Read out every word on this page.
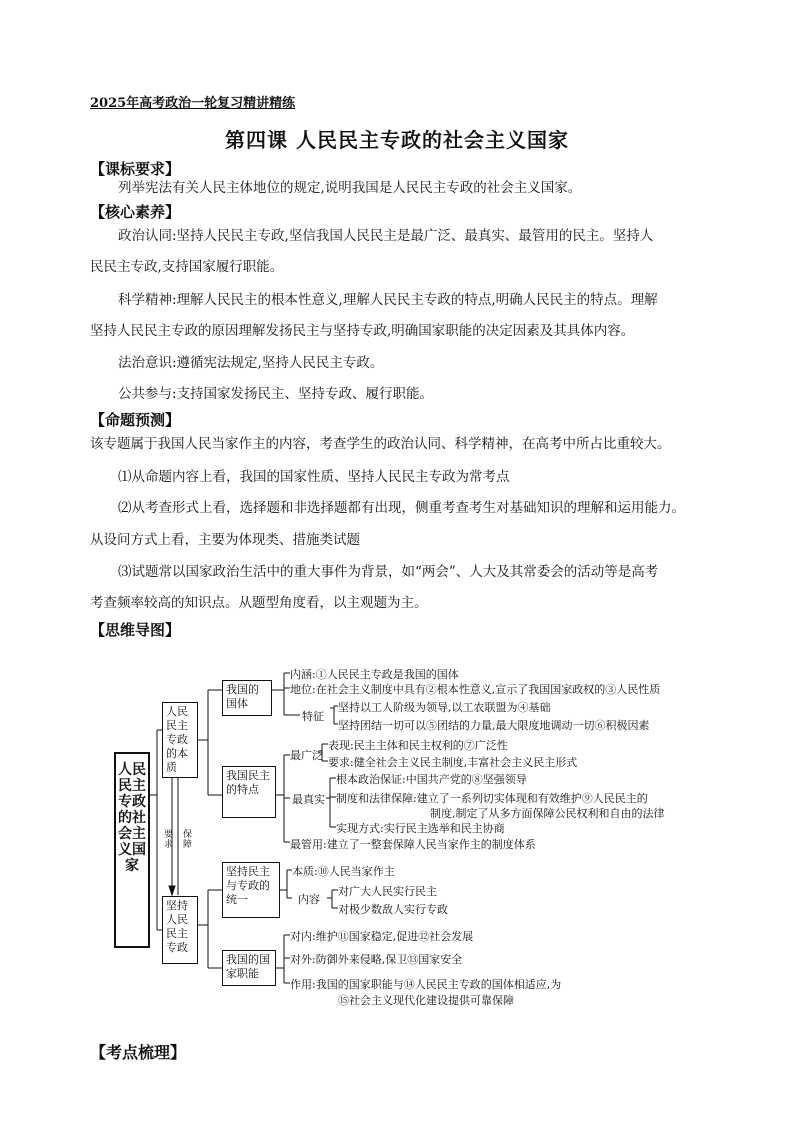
2025年高考政治一轮复习精讲精练
第四课 人民民主专政的社会主义国家
【课标要求】
列举宪法有关人民主体地位的规定,说明我国是人民民主专政的社会主义国家。
【核心素养】
政治认同:坚持人民民主专政,坚信我国人民民主是最广泛、最真实、最管用的民主。坚持人
民民主专政,支持国家履行职能。
科学精神:理解人民民主的根本性意义,理解人民民主专政的特点,明确人民民主的特点。理解
坚持人民民主专政的原因理解发扬民主与坚持专政,明确国家职能的决定因素及其具体内容。
法治意识:遵循宪法规定,坚持人民民主专政。
公共参与:支持国家发扬民主、坚持专政、履行职能。
【命题预测】
该专题属于我国人民当家作主的内容，考查学生的政治认同、科学精神，在高考中所占比重较大。
⑴从命题内容上看，我国的国家性质、坚持人民民主专政为常考点
⑵从考查形式上看，选择题和非选择题都有出现，侧重考查考生对基础知识的理解和运用能力。
从设问方式上看，主要为体现类、措施类试题
⑶试题常以国家政治生活中的重大事件为背景，如“两会”、人大及其常委会的活动等是高考
考查频率较高的知识点。从题型角度看，以主观题为主。
【思维导图】
人民民主专政的社会主义国家
人民民主专政的本质
坚持人民民主专政
要求
保障
我国的国体
我国民主的特点
坚持民主与专政的统一
我国的国家职能
内涵:①人民民主专政是我国的国体
地位:在社会主义制度中具有②根本性意义,宣示了我国国家政权的③人民性质
特征
坚持以工人阶级为领导,以工农联盟为④基础
坚持团结一切可以⑤团结的力量,最大限度地调动一切⑥积极因素
最广泛
表现:民主主体和民主权利的⑦广泛性
要求:健全社会主义民主制度,丰富社会主义民主形式
最真实
根本政治保证:中国共产党的⑧坚强领导
制度和法律保障:建立了一系列切实体现和有效维护⑨人民民主的
制度,制定了从多方面保障公民权利和自由的法律
实现方式:实行民主选举和民主协商
最管用:建立了一整套保障人民当家作主的制度体系
本质:⑩人民当家作主
内容
对广大人民实行民主
对极少数敌人实行专政
对内:维护⑪国家稳定,促进⑫社会发展
对外:防御外来侵略,保卫⑬国家安全
作用:我国的国家职能与⑭人民民主专政的国体相适应,为
⑮社会主义现代化建设提供可靠保障
【考点梳理】
